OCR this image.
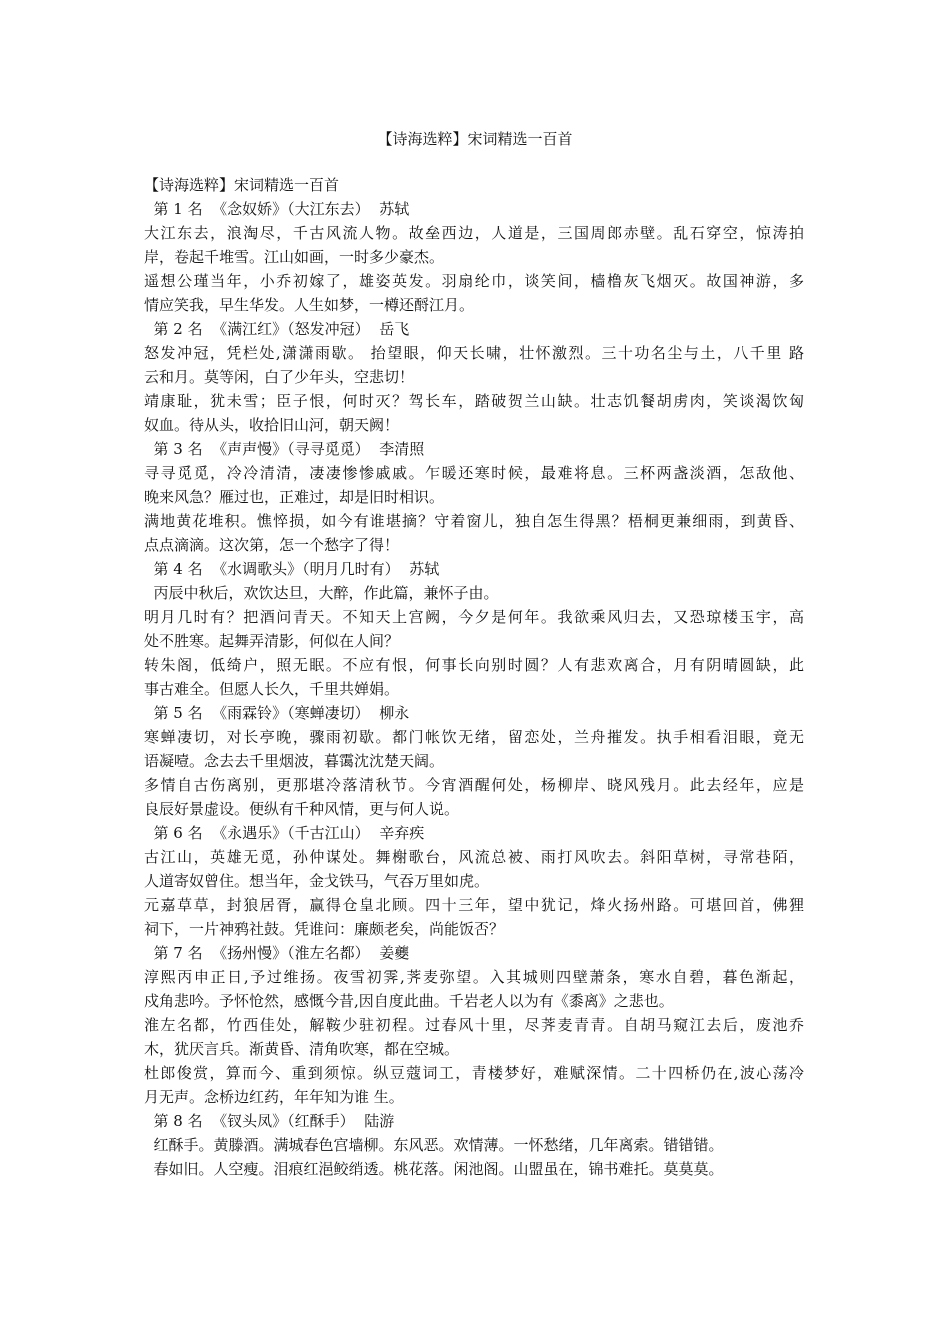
【诗海选粹】宋词精选一百首
【诗海选粹】宋词精选一百首
第 1 名  《念奴娇》（大江东去）  苏轼

大江东去，浪淘尽，千古风流人物。故垒西边，人道是，三国周郎赤壁。乱石穿空，惊涛拍

岸，卷起千堆雪。江山如画，一时多少豪杰。

遥想公瑾当年，小乔初嫁了，雄姿英发。羽扇纶巾，谈笑间，樯橹灰飞烟灭。故国神游，多

情应笑我，早生华发。人生如梦，一樽还酹江月。

第 2 名  《满江红》（怒发冲冠）  岳飞

怒发冲冠，凭栏处,潇潇雨歇。 抬望眼，仰天长啸，壮怀激烈。三十功名尘与土，八千里 路

云和月。莫等闲，白了少年头，空悲切！

靖康耻，犹未雪；臣子恨，何时灭？驾长车，踏破贺兰山缺。壮志饥餐胡虏肉，笑谈渴饮匈

奴血。待从头，收拾旧山河，朝天阙！

第 3 名  《声声慢》（寻寻觅觅）  李清照

寻寻觅觅，冷冷清清，凄凄惨惨戚戚。乍暖还寒时候，最难将息。三杯两盏淡酒，怎敌他、

晚来风急？雁过也，正难过，却是旧时相识。

满地黄花堆积。憔悴损，如今有谁堪摘？守着窗儿，独自怎生得黑？梧桐更兼细雨，到黄昏、

点点滴滴。这次第，怎一个愁字了得！

第 4 名  《水调歌头》（明月几时有）  苏轼

丙辰中秋后，欢饮达旦，大醉，作此篇，兼怀子由。

明月几时有？把酒问青天。不知天上宫阙，今夕是何年。我欲乘风归去，又恐琼楼玉宇，高

处不胜寒。起舞弄清影，何似在人间？

转朱阁，低绮户，照无眠。不应有恨，何事长向别时圆？人有悲欢离合，月有阴晴圆缺，此

事古难全。但愿人长久，千里共婵娟。

第 5 名  《雨霖铃》（寒蝉凄切）  柳永

寒蝉凄切，对长亭晚，骤雨初歇。都门帐饮无绪，留恋处，兰舟摧发。执手相看泪眼，竟无

语凝噎。念去去千里烟波，暮霭沈沈楚天阔。

多情自古伤离别，更那堪冷落清秋节。今宵酒醒何处，杨柳岸、晓风残月。此去经年，应是

良辰好景虚设。便纵有千种风情，更与何人说。

第 6 名  《永遇乐》（千古江山）  辛弃疾

古江山，英雄无觅，孙仲谋处。舞榭歌台，风流总被、雨打风吹去。斜阳草树，寻常巷陌，

人道寄奴曾住。想当年，金戈铁马，气吞万里如虎。

元嘉草草，封狼居胥，赢得仓皇北顾。四十三年，望中犹记，烽火扬州路。可堪回首，佛狸

祠下，一片神鸦社鼓。凭谁问：廉颇老矣，尚能饭否？

第 7 名  《扬州慢》（淮左名都）  姜夔

淳熙丙申正日,予过维扬。夜雪初霁,荠麦弥望。入其城则四壁萧条，寒水自碧，暮色渐起，

戍角悲吟。予怀怆然，感慨今昔,因自度此曲。千岩老人以为有《黍离》之悲也。

淮左名都，竹西佳处，解鞍少驻初程。过春风十里，尽荠麦青青。自胡马窥江去后，废池乔

木，犹厌言兵。渐黄昏、清角吹寒，都在空城。

杜郎俊赏，算而今、重到须惊。纵豆蔻词工，青楼梦好，难赋深情。二十四桥仍在,波心荡冷

月无声。念桥边红药，年年知为谁 生。

第 8 名  《钗头凤》（红酥手）  陆游

红酥手。黄滕酒。满城春色宫墙柳。东风恶。欢情薄。一怀愁绪，几年离索。错错错。

春如旧。人空瘦。泪痕红浥鲛绡透。桃花落。闲池阁。山盟虽在，锦书难托。莫莫莫。
